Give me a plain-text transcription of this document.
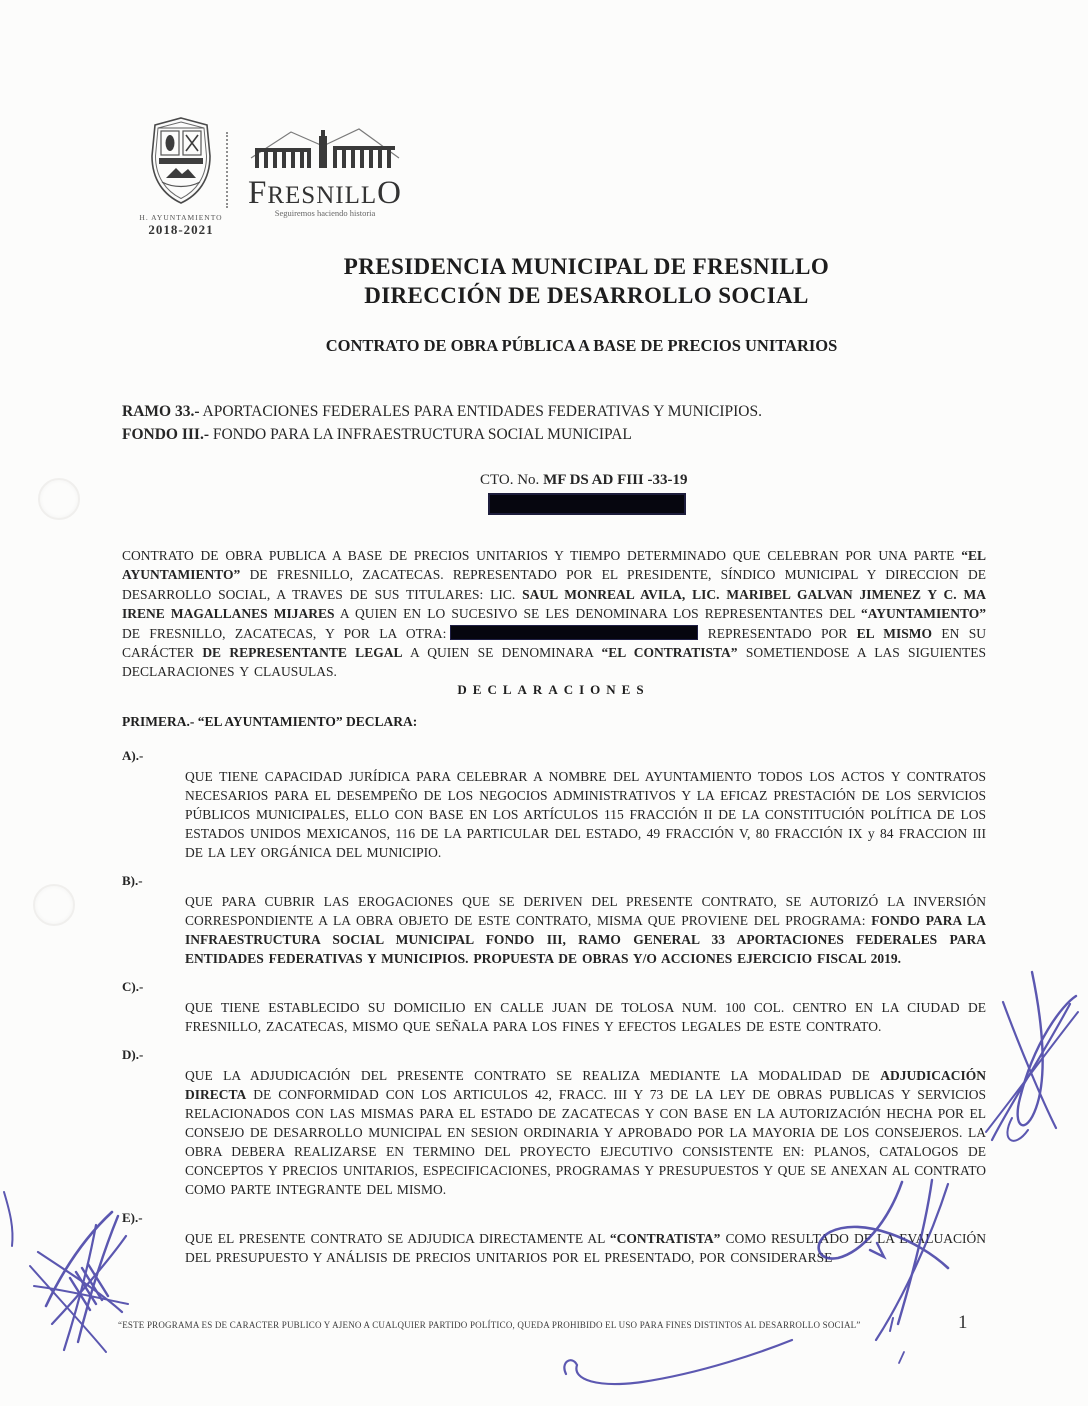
H. AYUNTAMIENTO
2018-2021
FRESNILLO
Seguiremos haciendo historia
PRESIDENCIA MUNICIPAL DE FRESNILLO
DIRECCIÓN DE DESARROLLO SOCIAL
CONTRATO DE OBRA PÚBLICA A BASE DE PRECIOS UNITARIOS
RAMO 33.- APORTACIONES FEDERALES PARA ENTIDADES FEDERATIVAS Y MUNICIPIOS.
FONDO III.- FONDO PARA LA INFRAESTRUCTURA SOCIAL MUNICIPAL
CTO. No. MF DS AD FIII -33-19

CONTRATO DE OBRA PUBLICA A BASE DE PRECIOS UNITARIOS Y TIEMPO DETERMINADO QUE CELEBRAN POR UNA PARTE “EL AYUNTAMIENTO” DE FRESNILLO, ZACATECAS. REPRESENTADO POR EL PRESIDENTE, SÍNDICO MUNICIPAL Y DIRECCION DE DESARROLLO SOCIAL, A TRAVES DE SUS TITULARES: LIC. SAUL MONREAL AVILA, LIC. MARIBEL GALVAN JIMENEZ Y C. MA IRENE MAGALLANES MIJARES A QUIEN EN LO SUCESIVO SE LES DENOMINARA LOS REPRESENTANTES DEL “AYUNTAMIENTO” DE FRESNILLO, ZACATECAS, Y POR LA OTRA:	REPRESENTADO POR EL MISMO EN SU CARÁCTER DE REPRESENTANTE LEGAL A QUIEN SE DENOMINARA “EL CONTRATISTA” SOMETIENDOSE A LAS SIGUIENTES DECLARACIONES Y CLAUSULAS.

DECLARACIONES
PRIMERA.- “EL AYUNTAMIENTO” DECLARA:
A).-

QUE TIENE CAPACIDAD JURÍDICA PARA CELEBRAR A NOMBRE DEL AYUNTAMIENTO TODOS LOS ACTOS Y CONTRATOS NECESARIOS PARA EL DESEMPEÑO DE LOS NEGOCIOS ADMINISTRATIVOS Y LA EFICAZ PRESTACIÓN DE LOS SERVICIOS PÚBLICOS MUNICIPALES, ELLO CON BASE EN LOS ARTÍCULOS 115 FRACCIÓN II DE LA CONSTITUCIÓN POLÍTICA DE LOS ESTADOS UNIDOS MEXICANOS, 116 DE LA PARTICULAR DEL ESTADO, 49 FRACCIÓN V, 80 FRACCIÓN IX y 84 FRACCION III DE LA LEY ORGÁNICA DEL MUNICIPIO.

B).-

QUE PARA CUBRIR LAS EROGACIONES QUE SE DERIVEN DEL PRESENTE CONTRATO, SE AUTORIZÓ LA INVERSIÓN CORRESPONDIENTE A LA OBRA OBJETO DE ESTE CONTRATO, MISMA QUE PROVIENE DEL PROGRAMA: FONDO PARA LA INFRAESTRUCTURA SOCIAL MUNICIPAL FONDO III, RAMO GENERAL 33 APORTACIONES FEDERALES PARA ENTIDADES FEDERATIVAS Y MUNICIPIOS. PROPUESTA DE OBRAS Y/O ACCIONES EJERCICIO FISCAL 2019.

C).-

QUE TIENE ESTABLECIDO SU DOMICILIO EN CALLE JUAN DE TOLOSA NUM. 100 COL. CENTRO EN LA CIUDAD DE FRESNILLO, ZACATECAS, MISMO QUE SEÑALA PARA LOS FINES Y EFECTOS LEGALES DE ESTE CONTRATO.

D).-

QUE LA ADJUDICACIÓN DEL PRESENTE CONTRATO SE REALIZA MEDIANTE LA MODALIDAD DE ADJUDICACIÓN DIRECTA DE CONFORMIDAD CON LOS ARTICULOS 42, FRACC. III Y 73 DE LA LEY DE OBRAS PUBLICAS Y SERVICIOS RELACIONADOS CON LAS MISMAS PARA EL ESTADO DE ZACATECAS Y CON BASE EN LA AUTORIZACIÓN HECHA POR EL CONSEJO DE DESARROLLO MUNICIPAL EN SESION ORDINARIA Y APROBADO POR LA MAYORIA DE LOS CONSEJEROS. LA OBRA DEBERA REALIZARSE EN TERMINO DEL PROYECTO EJECUTIVO CONSISTENTE EN: PLANOS, CATALOGOS DE CONCEPTOS Y PRECIOS UNITARIOS, ESPECIFICACIONES, PROGRAMAS Y PRESUPUESTOS Y QUE SE ANEXAN AL CONTRATO COMO PARTE INTEGRANTE DEL MISMO.

E).-

QUE EL PRESENTE CONTRATO SE ADJUDICA DIRECTAMENTE AL “CONTRATISTA” COMO RESULTADO DE LA EVALUACIÓN DEL PRESUPUESTO Y ANÁLISIS DE PRECIOS UNITARIOS POR EL PRESENTADO, POR CONSIDERARSE

“ESTE PROGRAMA ES DE CARACTER PUBLICO Y AJENO A CUALQUIER PARTIDO POLÍTICO, QUEDA PROHIBIDO EL USO PARA FINES DISTINTOS AL DESARROLLO SOCIAL”	1
